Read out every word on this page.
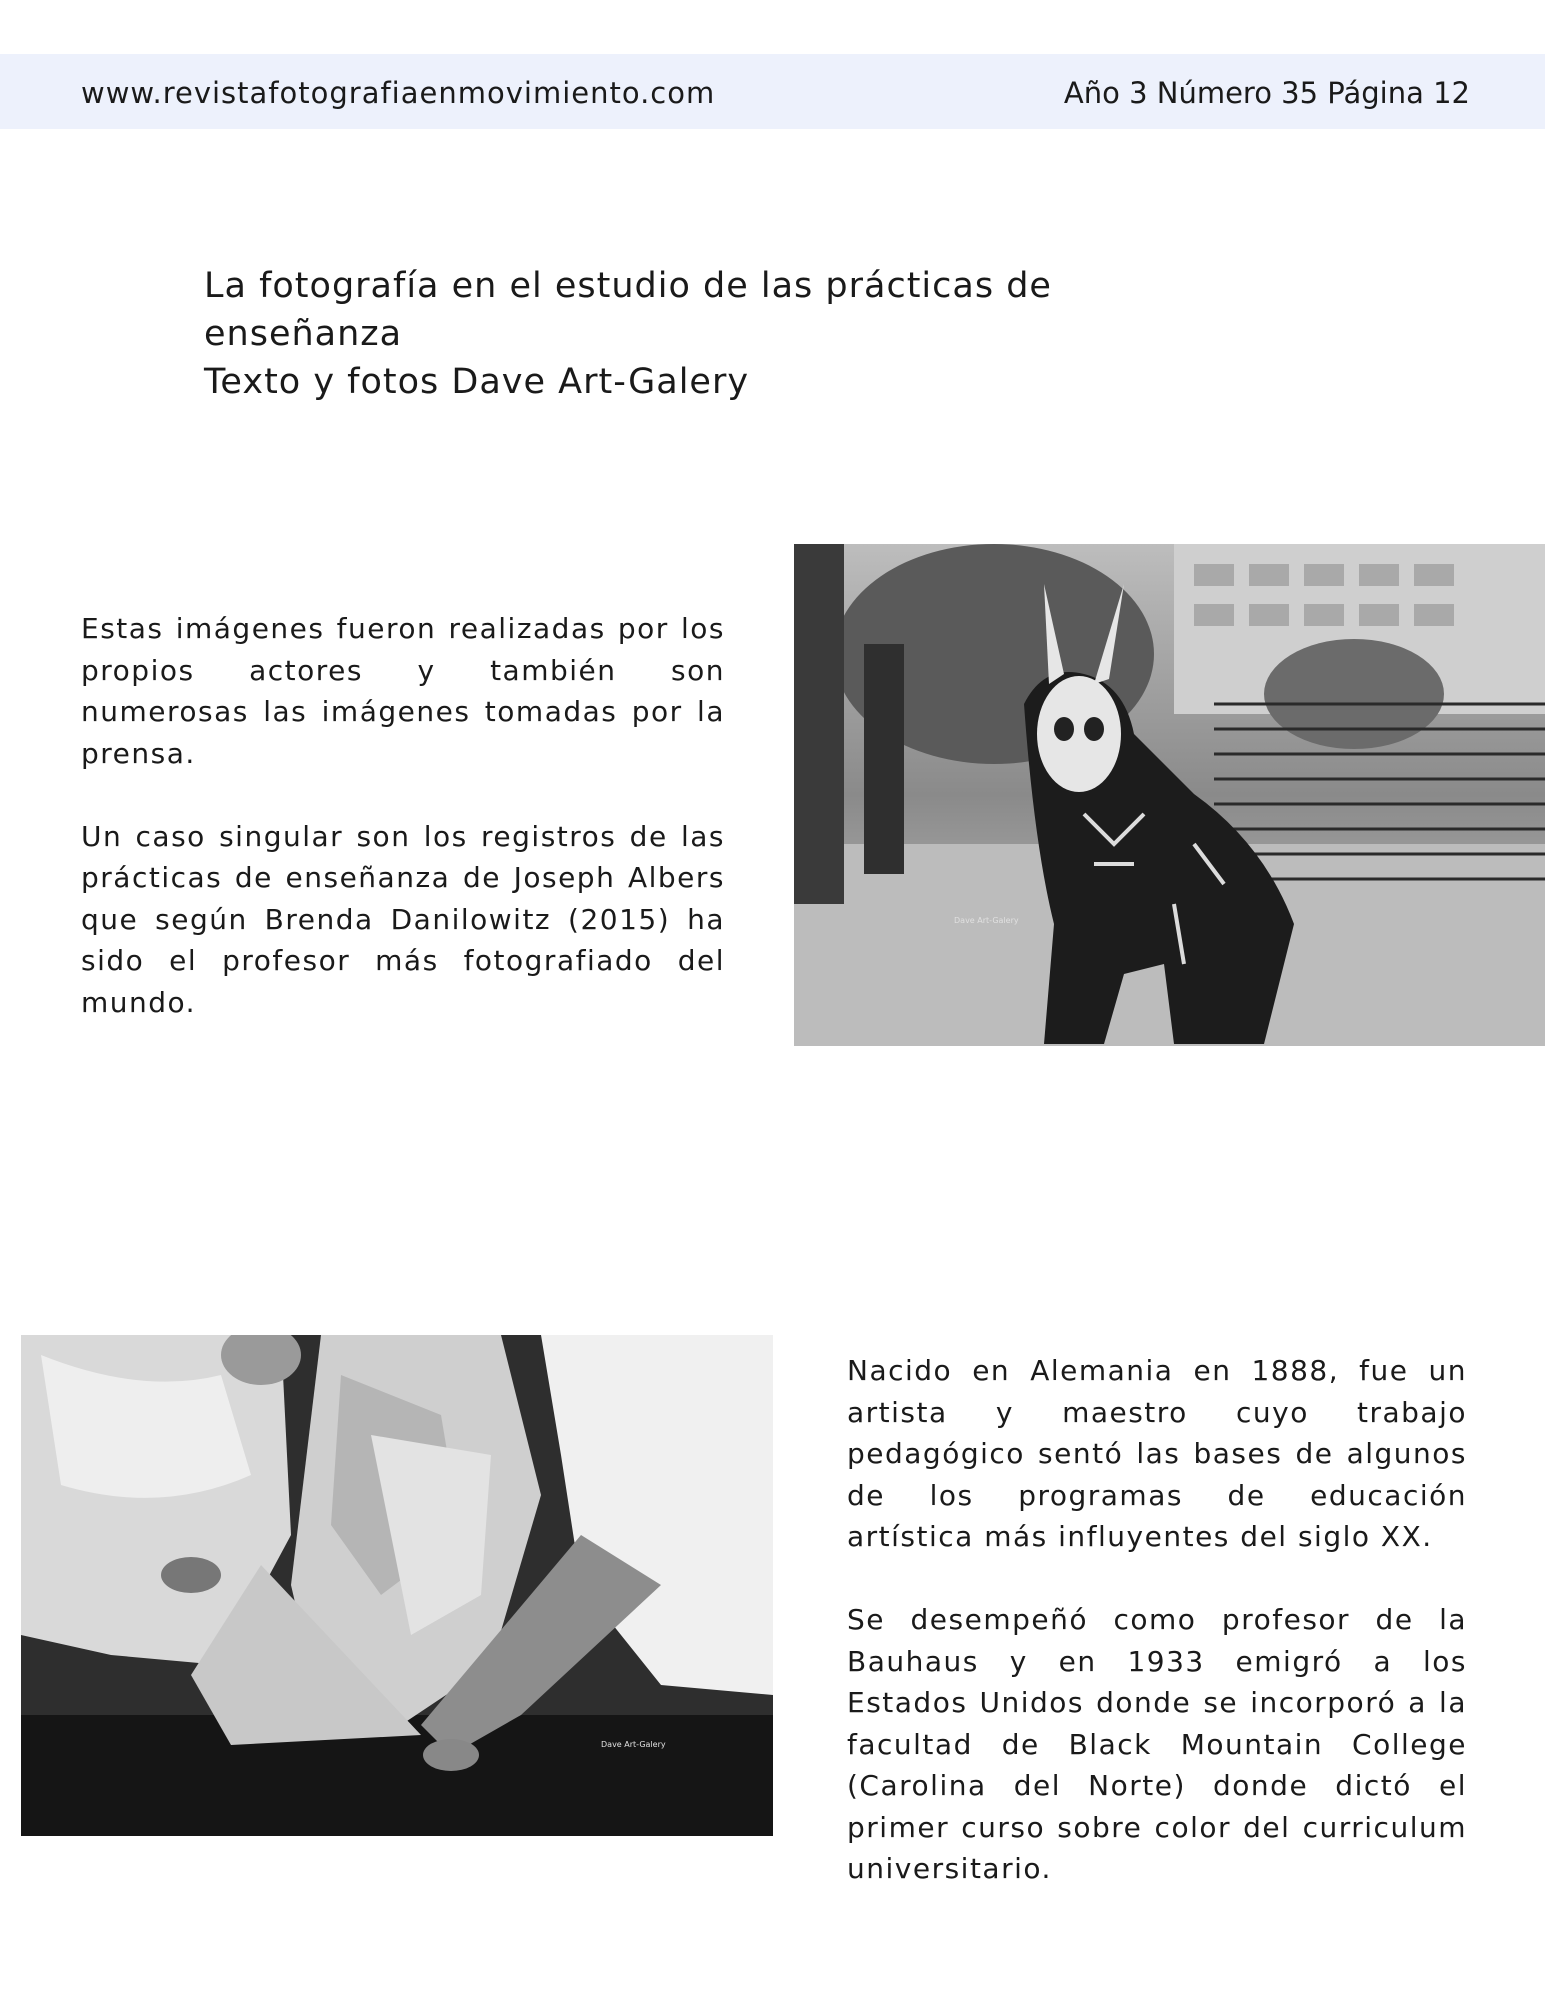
www.revistafotografiaenmovimiento.com	Año 3 Número 35 Página 12
La fotografía en el estudio de las prácticas de
enseñanza
Texto y fotos Dave Art-Galery

Estas imágenes fueron realizadas por los propios actores y también son numerosas las imágenes tomadas por la prensa.

Un caso singular son los registros de las prácticas de enseñanza de Joseph Albers que según Brenda Danilowitz (2015) ha sido el profesor más fotografiado del mundo.

Dave Art-Galery
Dave Art-Galery

Nacido en Alemania en 1888, fue un artista y maestro cuyo trabajo pedagógico sentó las bases de algunos de los programas de educación artística más influyentes del siglo XX.

Se desempeñó como profesor de la Bauhaus y en 1933 emigró a los Estados Unidos donde se incorporó a la facultad de Black Mountain College (Carolina del Norte) donde dictó el primer curso sobre color del curriculum universitario.
